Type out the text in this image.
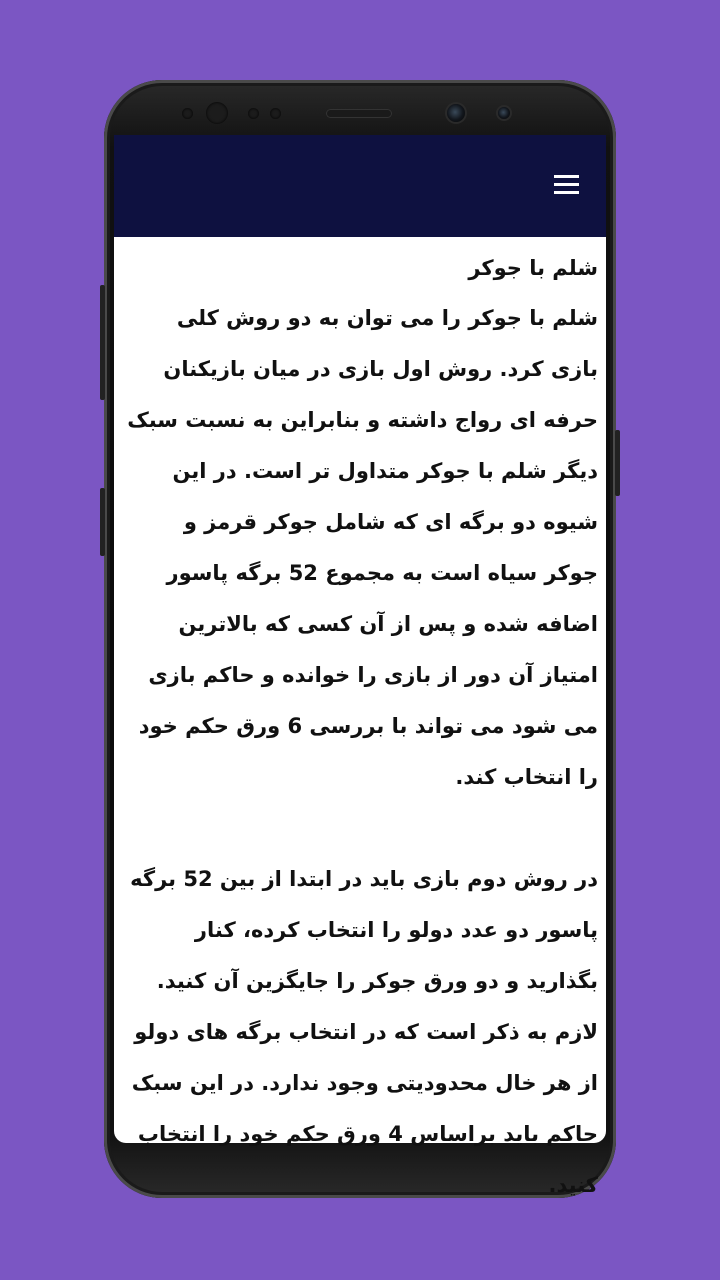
شلم با جوکر

شلم با جوکر را می توان به دو روش کلی بازی کرد. روش اول بازی در میان بازیکنان حرفه ای رواج داشته و بنابراین به نسبت سبک دیگر شلم با جوکر متداول تر است. در این شیوه دو برگه ای که شامل جوکر قرمز و جوکر سیاه است به مجموع 52 برگه پاسور اضافه شده و پس از آن کسی که بالاترین امتیاز آن دور از بازی را خوانده و حاکم بازی می شود می تواند با بررسی 6 ورق حکم خود را انتخاب کند.

در روش دوم بازی باید در ابتدا از بین 52 برگه پاسور دو عدد دولو را انتخاب کرده، کنار بگذارید و دو ورق جوکر را جایگزین آن کنید. لازم به ذکر است که در انتخاب برگه های دولو از هر خال محدودیتی وجود ندارد. در این سبک حاکم باید براساس 4 ورق حکم خود را انتخاب کنید.
